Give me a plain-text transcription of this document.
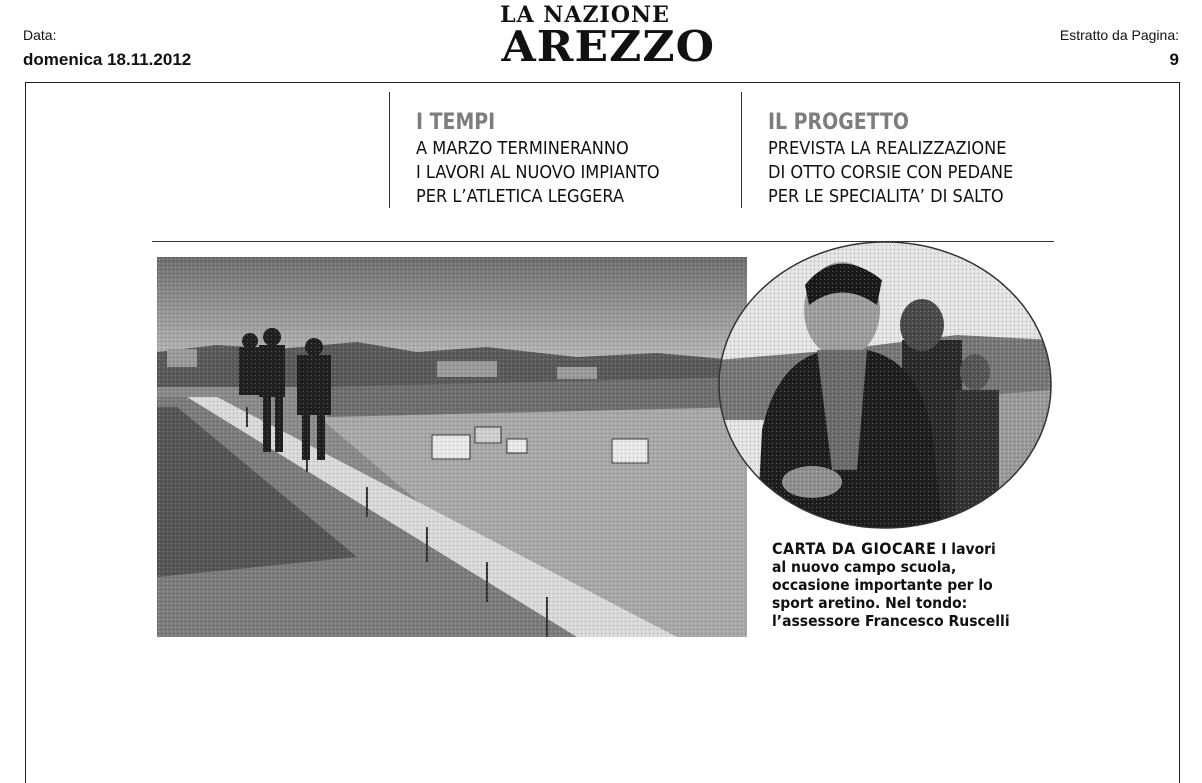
Data:
domenica 18.11.2012
LA NAZIONE
AREZZO	Estratto da Pagina:
9
I TEMPI

A MARZO TERMINERANNO

I LAVORI AL NUOVO IMPIANTO

PER L’ATLETICA LEGGERA

IL PROGETTO

PREVISTA LA REALIZZAZIONE

DI OTTO CORSIE CON PEDANE

PER LE SPECIALITA’ DI SALTO

CARTA DA GIOCARE I lavori
al nuovo campo scuola,
occasione importante per lo
sport aretino. Nel tondo:
l’assessore Francesco Ruscelli
